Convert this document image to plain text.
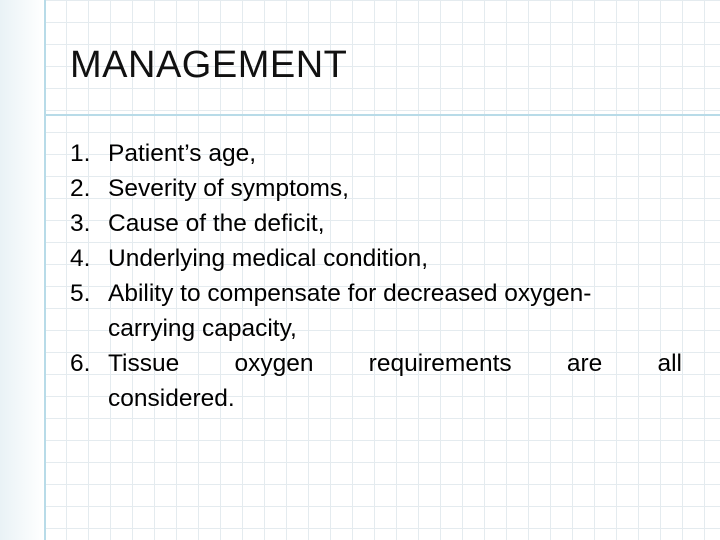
MANAGEMENT
1. Patient’s age,
2. Severity of symptoms,
3. Cause of the deficit,
4. Underlying medical condition,
5. Ability to compensate for decreased oxygen-
carrying capacity,
6. Tissue oxygen requirements are all
considered.
